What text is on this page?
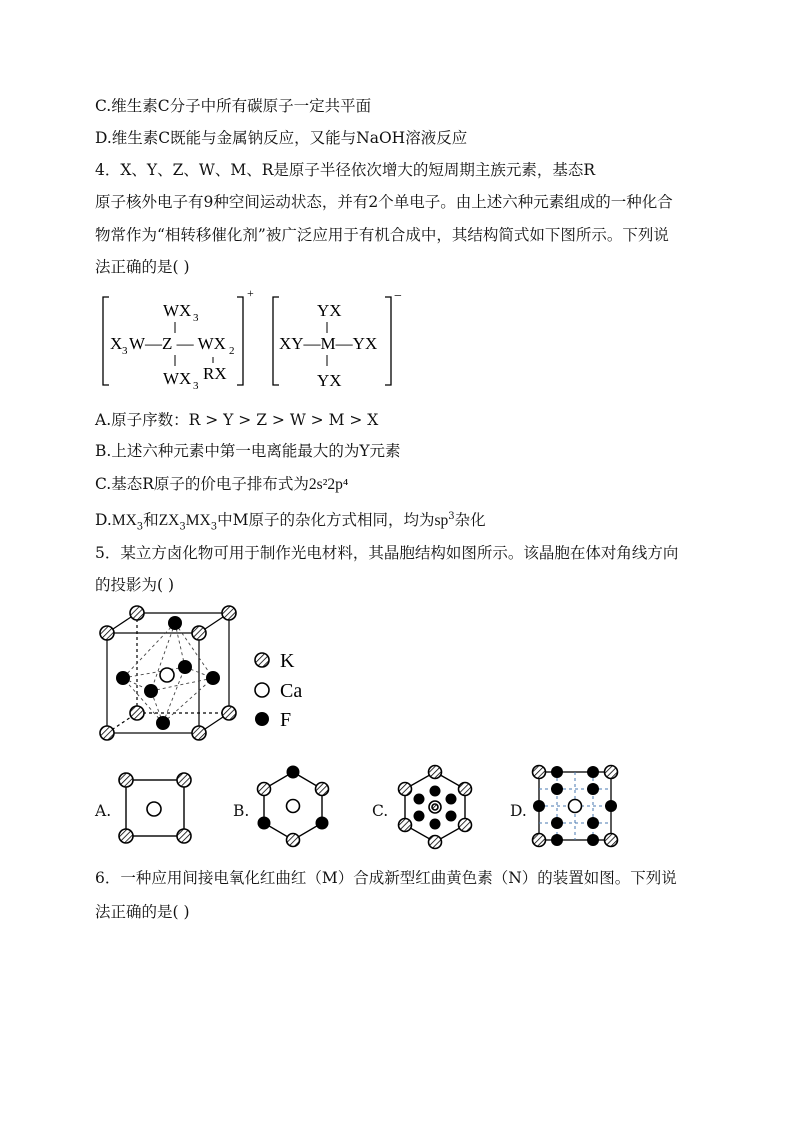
C.维生素C分子中所有碳原子一定共平面
D.维生素C既能与金属钠反应，又能与NaOH溶液反应
4．X、Y、Z、W、M、R是原子半径依次增大的短周期主族元素，基态R
原子核外电子有9种空间运动状态，并有2个单电子。由上述六种元素组成的一种化合
物常作为“相转移催化剂”被广泛应用于有机合成中，其结构简式如下图所示。下列说
法正确的是( )
+
WX 3
X 3 W—Z — WX 2
WX 3
RX
−
YX
XY—M—YX
YX
A.原子序数：R > Y > Z > W > M > X
B.上述六种元素中第一电离能最大的为Y元素
C.基态R原子的价电子排布式为2s²2p⁴
$D.MX_3$和$ZX_3MX_3$中M原子的杂化方式相同，均为$sp^3$杂化
5．某立方卤化物可用于制作光电材料，其晶胞结构如图所示。该晶胞在体对角线方向
的投影为( )
K
Ca
F
A.	B.	C.	D.
6．一种应用间接电氧化红曲红（M）合成新型红曲黄色素（N）的装置如图。下列说
法正确的是( )
